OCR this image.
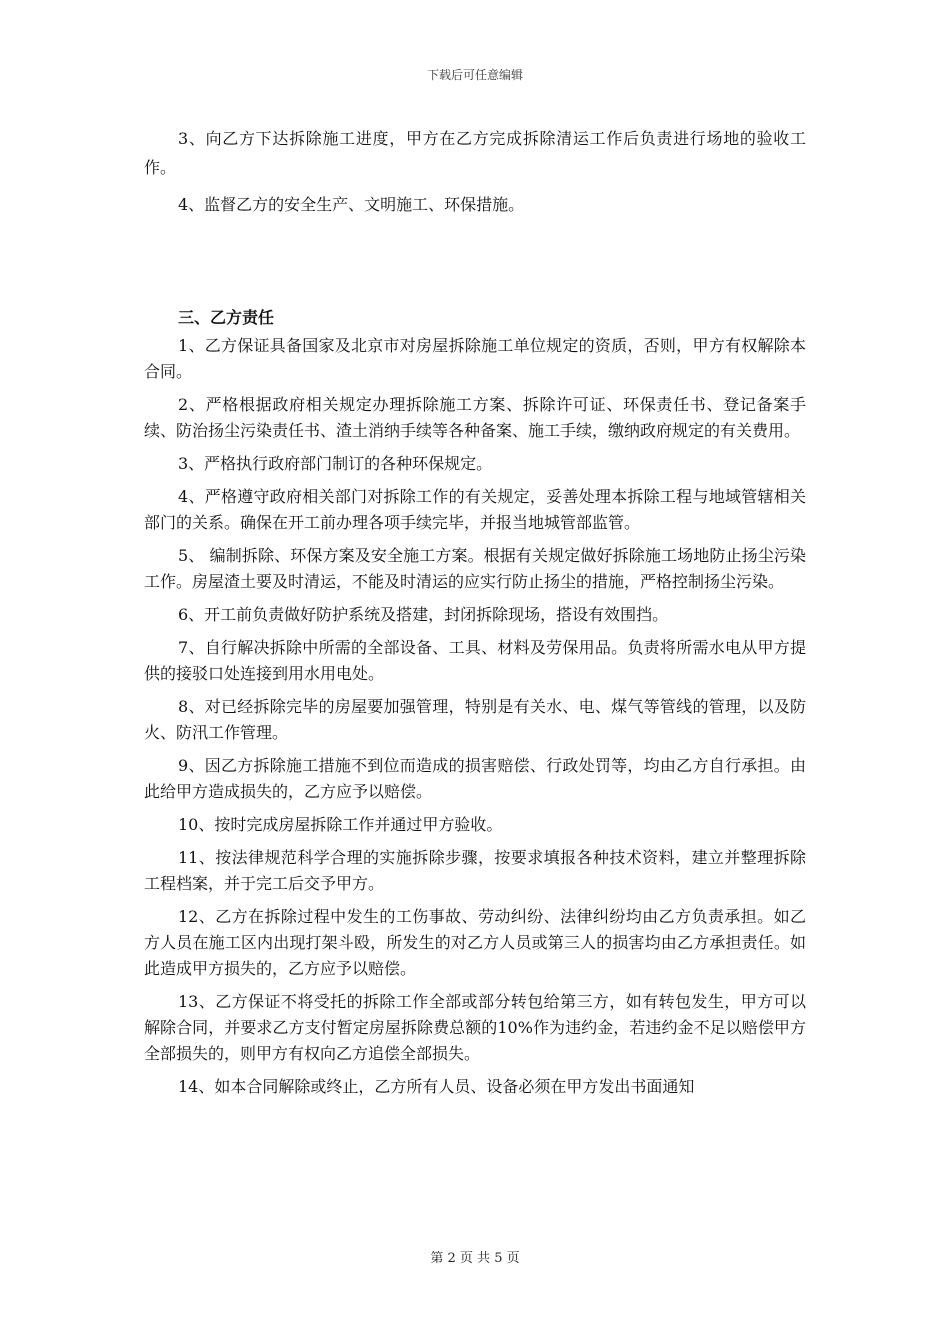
下载后可任意编辑

3、向乙方下达拆除施工进度，甲方在乙方完成拆除清运工作后负责进行场地的验收工作。

4、监督乙方的安全生产、文明施工、环保措施。

三、乙方责任

1、乙方保证具备国家及北京市对房屋拆除施工单位规定的资质，否则，甲方有权解除本合同。

2、严格根据政府相关规定办理拆除施工方案、拆除许可证、环保责任书、登记备案手续、防治扬尘污染责任书、渣土消纳手续等各种备案、施工手续，缴纳政府规定的有关费用。

3、严格执行政府部门制订的各种环保规定。

4、严格遵守政府相关部门对拆除工作的有关规定，妥善处理本拆除工程与地域管辖相关部门的关系。确保在开工前办理各项手续完毕，并报当地城管部监管。

5、 编制拆除、环保方案及安全施工方案。根据有关规定做好拆除施工场地防止扬尘污染工作。房屋渣土要及时清运，不能及时清运的应实行防止扬尘的措施，严格控制扬尘污染。

6、开工前负责做好防护系统及搭建，封闭拆除现场，搭设有效围挡。

7、自行解决拆除中所需的全部设备、工具、材料及劳保用品。负责将所需水电从甲方提供的接驳口处连接到用水用电处。

8、对已经拆除完毕的房屋要加强管理，特别是有关水、电、煤气等管线的管理，以及防火、防汛工作管理。

9、因乙方拆除施工措施不到位而造成的损害赔偿、行政处罚等，均由乙方自行承担。由此给甲方造成损失的，乙方应予以赔偿。

10、按时完成房屋拆除工作并通过甲方验收。

11、按法律规范科学合理的实施拆除步骤，按要求填报各种技术资料，建立并整理拆除工程档案，并于完工后交予甲方。

12、乙方在拆除过程中发生的工伤事故、劳动纠纷、法律纠纷均由乙方负责承担。如乙方人员在施工区内出现打架斗殴，所发生的对乙方人员或第三人的损害均由乙方承担责任。如此造成甲方损失的，乙方应予以赔偿。

13、乙方保证不将受托的拆除工作全部或部分转包给第三方，如有转包发生，甲方可以解除合同，并要求乙方支付暂定房屋拆除费总额的10%作为违约金，若违约金不足以赔偿甲方全部损失的，则甲方有权向乙方追偿全部损失。

14、如本合同解除或终止，乙方所有人员、设备必须在甲方发出书面通知

第 2 页 共 5 页
